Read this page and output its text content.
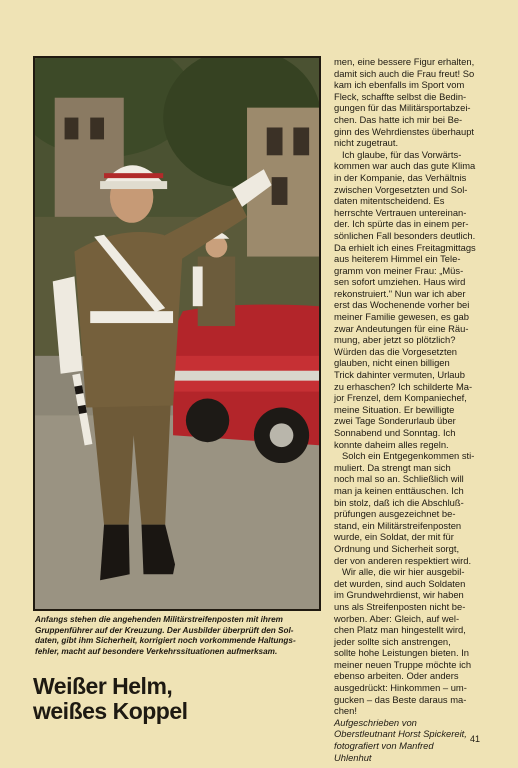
Anfangs stehen die angehenden Militärstreifenposten mit ihrem
Gruppenführer auf der Kreuzung. Der Ausbilder überprüft den Sol-
daten, gibt ihm Sicherheit, korrigiert noch vorkommende Haltungs-
fehler, macht auf besondere Verkehrssituationen aufmerksam.

Weißer Helm,
weißes Koppel

men, eine bessere Figur erhalten,
damit sich auch die Frau freut! So
kam ich ebenfalls im Sport vom
Fleck, schaffte selbst die Bedin-
gungen für das Militärsportabzei-
chen. Das hatte ich mir bei Be-
ginn des Wehrdienstes überhaupt
nicht zugetraut.

Ich glaube, für das Vorwärts-
kommen war auch das gute Klima
in der Kompanie, das Verhältnis
zwischen Vorgesetzten und Sol-
daten mitentscheidend. Es
herrschte Vertrauen untereinan-
der. Ich spürte das in einem per-
sönlichen Fall besonders deutlich.
Da erhielt ich eines Freitagmittags
aus heiterem Himmel ein Tele-
gramm von meiner Frau: „Müs-
sen sofort umziehen. Haus wird
rekonstruiert." Nun war ich aber
erst das Wochenende vorher bei
meiner Familie gewesen, es gab
zwar Andeutungen für eine Räu-
mung, aber jetzt so plötzlich?
Würden das die Vorgesetzten
glauben, nicht einen billigen
Trick dahinter vermuten, Urlaub
zu erhaschen? Ich schilderte Ma-
jor Frenzel, dem Kompaniechef,
meine Situation. Er bewilligte
zwei Tage Sonderurlaub über
Sonnabend und Sonntag. Ich
konnte daheim alles regeln.

Solch ein Entgegenkommen sti-
muliert. Da strengt man sich
noch mal so an. Schließlich will
man ja keinen enttäuschen. Ich
bin stolz, daß ich die Abschluß-
prüfungen ausgezeichnet be-
stand, ein Militärstreifenposten
wurde, ein Soldat, der mit für
Ordnung und Sicherheit sorgt,
der von anderen respektiert wird.

Wir alle, die wir hier ausgebil-
det wurden, sind auch Soldaten
im Grundwehrdienst, wir haben
uns als Streifenposten nicht be-
worben. Aber: Gleich, auf wel-
chen Platz man hingestellt wird,
jeder sollte sich anstrengen,
sollte hohe Leistungen bieten. In
meiner neuen Truppe möchte ich
ebenso arbeiten. Oder anders
ausgedrückt: Hinkommen – um-
gucken – das Beste daraus ma-
chen!

Aufgeschrieben von
Oberstleutnant Horst Spickereit,
fotografiert von Manfred
Uhlenhut

41
